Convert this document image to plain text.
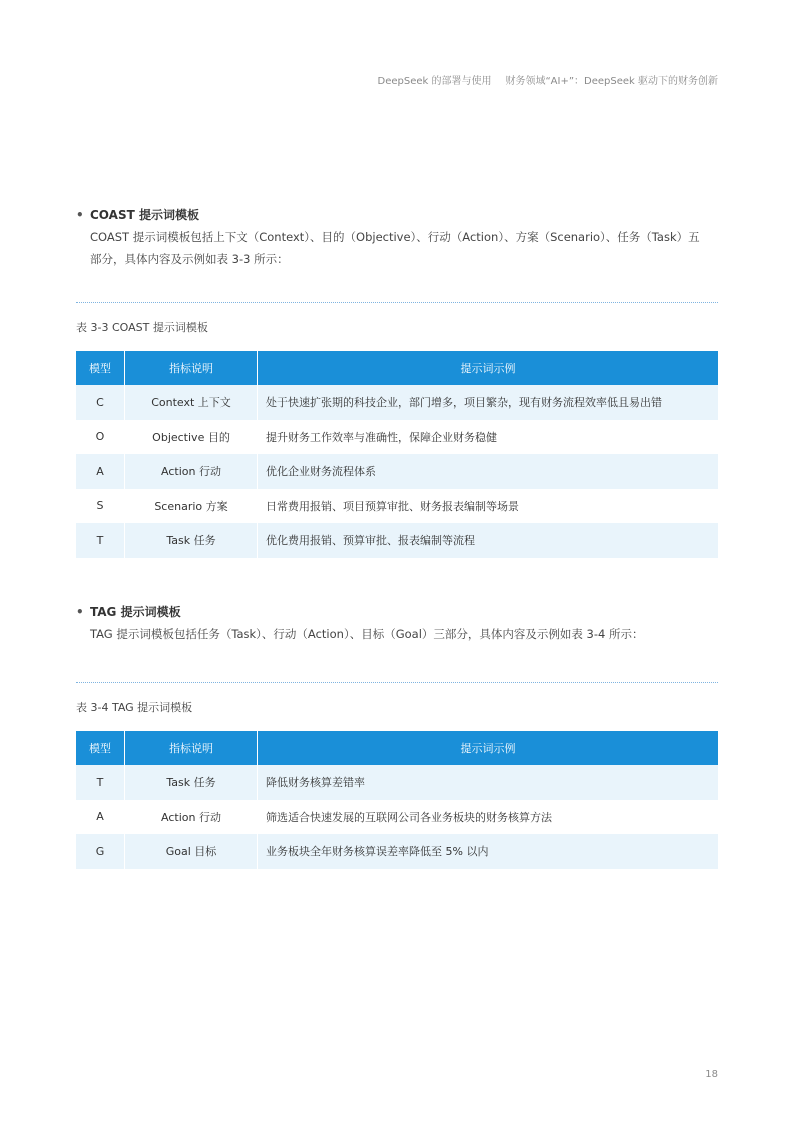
DeepSeek 的部署与使用 财务领域“AI+”：DeepSeek 驱动下的财务创新
• COAST 提示词模板
COAST 提示词模板包括上下文（Context）、目的（Objective）、行动（Action）、方案（Scenario）、任务（Task）五
部分，具体内容及示例如表 3-3 所示：
表 3-3 COAST 提示词模板
模型	指标说明	提示词示例
C	Context 上下文	处于快速扩张期的科技企业，部门增多，项目繁杂，现有财务流程效率低且易出错
O	Objective 目的	提升财务工作效率与准确性，保障企业财务稳健
A	Action 行动	优化企业财务流程体系
S	Scenario 方案	日常费用报销、项目预算审批、财务报表编制等场景
T	Task 任务	优化费用报销、预算审批、报表编制等流程
• TAG 提示词模板
TAG 提示词模板包括任务（Task）、行动（Action）、目标（Goal）三部分，具体内容及示例如表 3-4 所示：
表 3-4 TAG 提示词模板
模型	指标说明	提示词示例
T	Task 任务	降低财务核算差错率
A	Action 行动	筛选适合快速发展的互联网公司各业务板块的财务核算方法
G	Goal 目标	业务板块全年财务核算误差率降低至 5% 以内
18
